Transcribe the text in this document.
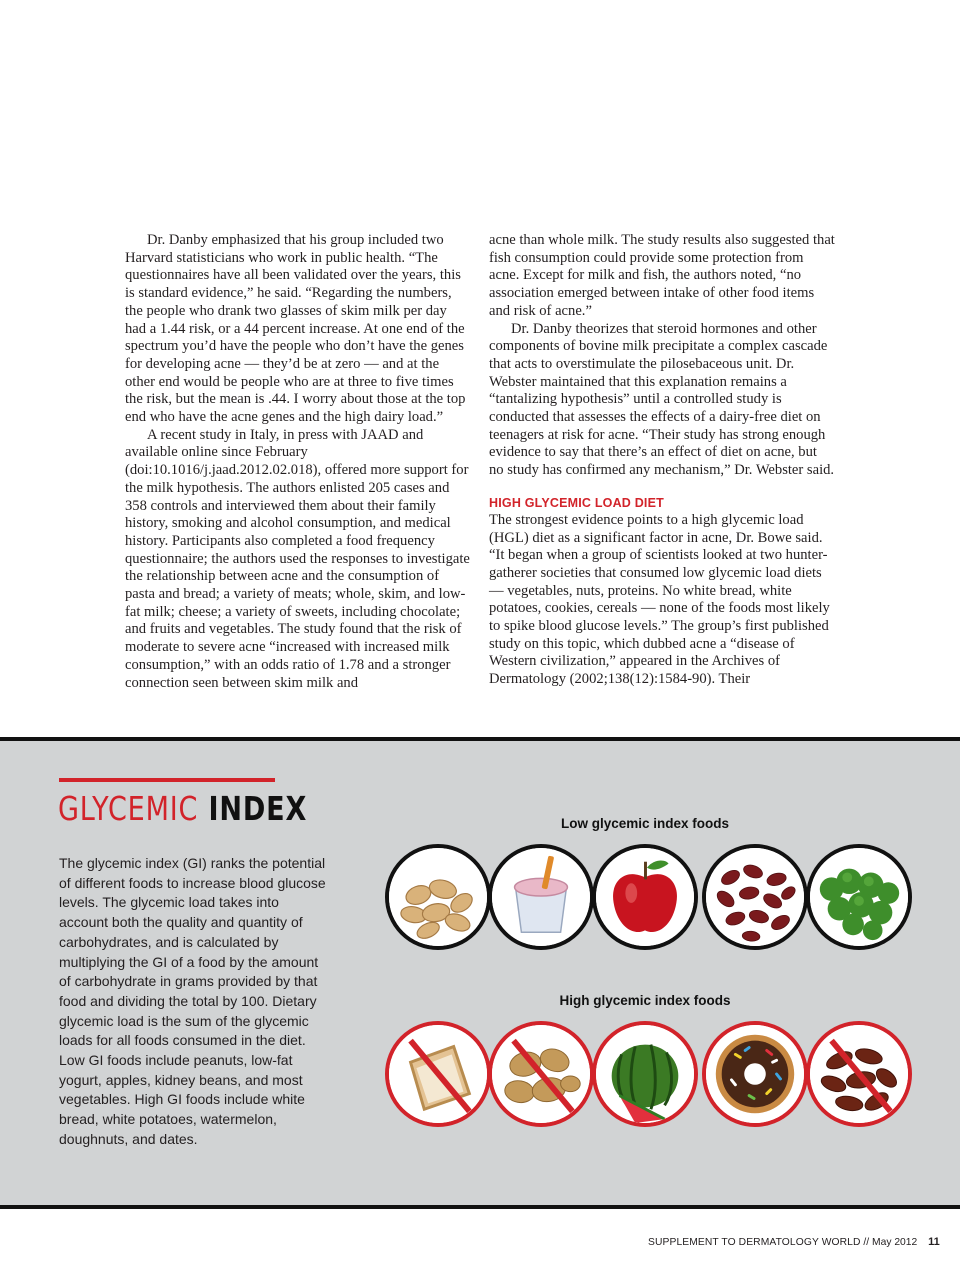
Dr. Danby emphasized that his group included two Harvard statisticians who work in public health. “The questionnaires have all been validated over the years, this is standard evidence,” he said. “Regarding the numbers, the people who drank two glasses of skim milk per day had a 1.44 risk, or a 44 percent increase. At one end of the spectrum you’d have the people who don’t have the genes for developing acne — they’d be at zero — and at the other end would be people who are at three to five times the risk, but the mean is .44. I worry about those at the top end who have the acne genes and the high dairy load.”

A recent study in Italy, in press with JAAD and available online since February (doi:10.1016/j.jaad.2012.02.018), offered more support for the milk hypothesis. The authors enlisted 205 cases and 358 controls and interviewed them about their family history, smoking and alcohol consumption, and medical history. Participants also completed a food frequency questionnaire; the authors used the responses to investigate the relationship between acne and the consumption of pasta and bread; a variety of meats; whole, skim, and low-fat milk; cheese; a variety of sweets, including chocolate; and fruits and vegetables. The study found that the risk of moderate to severe acne “increased with increased milk consumption,” with an odds ratio of 1.78 and a stronger connection seen between skim milk and

acne than whole milk. The study results also suggested that fish consumption could provide some protection from acne. Except for milk and fish, the authors noted, “no association emerged between intake of other food items and risk of acne.”

Dr. Danby theorizes that steroid hormones and other components of bovine milk precipitate a complex cascade that acts to overstimulate the pilosebaceous unit. Dr. Webster maintained that this explanation remains a “tantalizing hypothesis” until a controlled study is conducted that assesses the effects of a dairy-free diet on teenagers at risk for acne. “Their study has strong enough evidence to say that there’s an effect of diet on acne, but no study has confirmed any mechanism,” Dr. Webster said.

HIGH GLYCEMIC LOAD DIET

The strongest evidence points to a high glycemic load (HGL) diet as a significant factor in acne, Dr. Bowe said. “It began when a group of scientists looked at two hunter-gatherer societies that consumed low glycemic load diets — vegetables, nuts, proteins. No white bread, white potatoes, cookies, cereals — none of the foods most likely to spike blood glucose levels.” The group’s first published study on this topic, which dubbed acne a “disease of Western civilization,” appeared in the Archives of Dermatology (2002;138(12):1584-90). Their

GLYCEMIC INDEX
The glycemic index (GI) ranks the potential of different foods to increase blood glucose levels. The glycemic load takes into account both the quality and quantity of carbohydrates, and is calculated by multiplying the GI of a food by the amount of carbohydrate in grams provided by that food and dividing the total by 100. Dietary glycemic load is the sum of the glycemic loads for all foods consumed in the diet. Low GI foods include peanuts, low-fat yogurt, apples, kidney beans, and most vegetables. High GI foods include white bread, white potatoes, watermelon, doughnuts, and dates.
Low glycemic index foods
High glycemic index foods
SUPPLEMENT TO DERMATOLOGY WORLD // May 2012 11
